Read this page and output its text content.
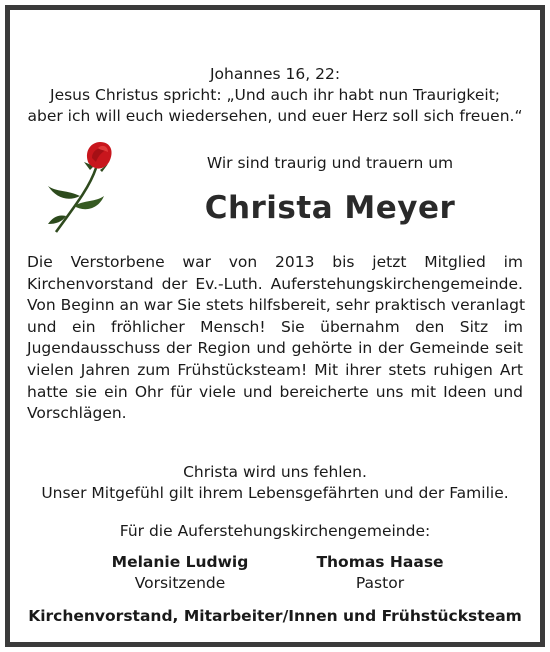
Johannes 16, 22:
Jesus Christus spricht: „Und auch ihr habt nun Traurigkeit;
aber ich will euch wiedersehen, und euer Herz soll sich freuen.“
Wir sind traurig und trauern um
Christa Meyer
Die Verstorbene war von 2013 bis jetzt Mitglied im
Kirchenvorstand der Ev.-Luth. Auferstehungskirchengemeinde.
Von Beginn an war Sie stets hilfsbereit, sehr praktisch veranlagt
und ein fröhlicher Mensch! Sie übernahm den Sitz im
Jugendausschuss der Region und gehörte in der Gemeinde seit
vielen Jahren zum Frühstücksteam! Mit ihrer stets ruhigen Art
hatte sie ein Ohr für viele und bereicherte uns mit Ideen und
Vorschlägen.
Christa wird uns fehlen.
Unser Mitgefühl gilt ihrem Lebensgefährten und der Familie.
Für die Auferstehungskirchengemeinde:
Melanie Ludwig
Vorsitzende
Thomas Haase
Pastor
Kirchenvorstand, Mitarbeiter/Innen und Frühstücksteam
